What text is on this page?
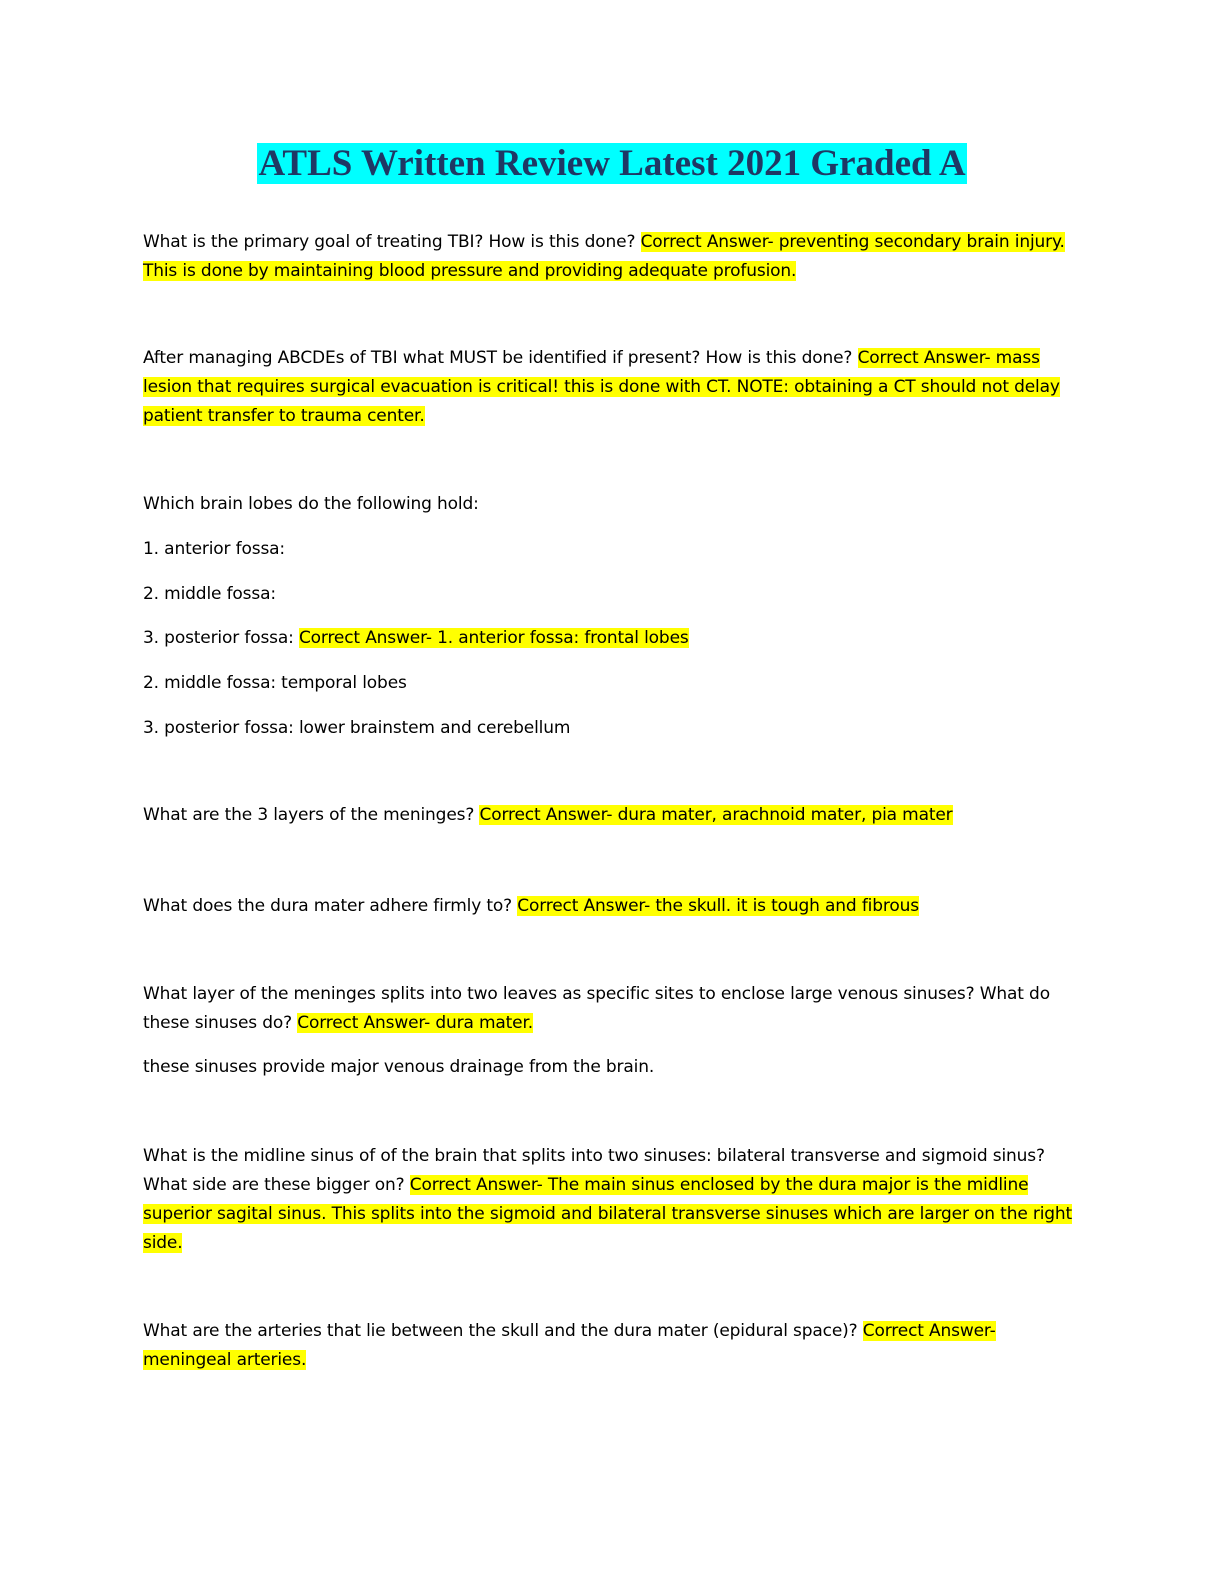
ATLS Written Review Latest 2021 Graded A

What is the primary goal of treating TBI? How is this done? Correct Answer- preventing secondary brain injury. This is done by maintaining blood pressure and providing adequate profusion.

After managing ABCDEs of TBI what MUST be identified if present? How is this done? Correct Answer- mass lesion that requires surgical evacuation is critical! this is done with CT. NOTE: obtaining a CT should not delay patient transfer to trauma center.

Which brain lobes do the following hold:

1. anterior fossa:

2. middle fossa:

3. posterior fossa: Correct Answer- 1. anterior fossa: frontal lobes

2. middle fossa: temporal lobes

3. posterior fossa: lower brainstem and cerebellum

What are the 3 layers of the meninges? Correct Answer- dura mater, arachnoid mater, pia mater

What does the dura mater adhere firmly to? Correct Answer- the skull. it is tough and fibrous

What layer of the meninges splits into two leaves as specific sites to enclose large venous sinuses? What do these sinuses do? Correct Answer- dura mater.

these sinuses provide major venous drainage from the brain.

What is the midline sinus of of the brain that splits into two sinuses: bilateral transverse and sigmoid sinus? What side are these bigger on? Correct Answer- The main sinus enclosed by the dura major is the midline superior sagital sinus. This splits into the sigmoid and bilateral transverse sinuses which are larger on the right side.

What are the arteries that lie between the skull and the dura mater (epidural space)? Correct Answer- meningeal arteries.
